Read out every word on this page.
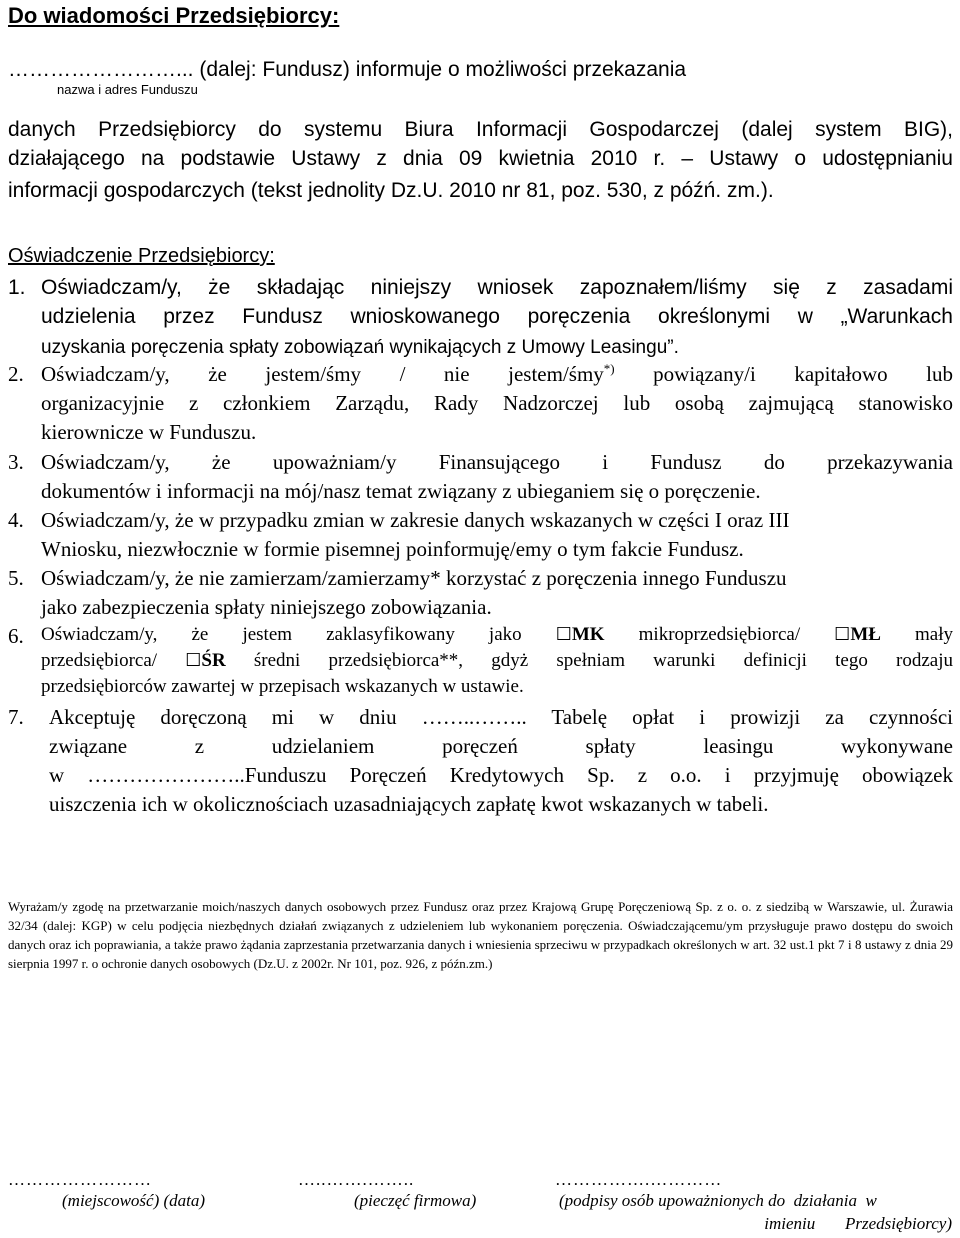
Do wiadomości Przedsiębiorcy:
……………………... (dalej: Fundusz) informuje o możliwości przekazania
nazwa i adres Funduszu
danych Przedsiębiorcy do systemu Biura Informacji Gospodarczej (dalej system BIG),
działającego na podstawie Ustawy z dnia 09 kwietnia 2010 r. – Ustawy o udostępnianiu
informacji gospodarczych (tekst jednolity Dz.U. 2010 nr 81, poz. 530, z późń. zm.).
Oświadczenie Przedsiębiorcy:
1. Oświadczam/y, że składając niniejszy wniosek zapoznałem/liśmy się z zasadami
udzielenia przez Fundusz wnioskowanego poręczenia określonymi w „Warunkach
uzyskania poręczenia spłaty zobowiązań wynikających z Umowy Leasingu”.
2. Oświadczam/y, że jestem/śmy / nie jestem/śmy*) powiązany/i kapitałowo lub
organizacyjnie z członkiem Zarządu, Rady Nadzorczej lub osobą zajmującą stanowisko
kierownicze w Funduszu.
3. Oświadczam/y, że upoważniam/y Finansującego i Fundusz do przekazywania
dokumentów i informacji na mój/nasz temat związany z ubieganiem się o poręczenie.
4. Oświadczam/y, że w przypadku zmian w zakresie danych wskazanych w części I oraz III
Wniosku, niezwłocznie w formie pisemnej poinformuję/emy o tym fakcie Fundusz.
5. Oświadczam/y, że nie zamierzam/zamierzamy* korzystać z poręczenia innego Funduszu
jako zabezpieczenia spłaty niniejszego zobowiązania.
6. Oświadczam/y, że jestem zaklasyfikowany jako ☐MK mikroprzedsiębiorca/ ☐MŁ mały
przedsiębiorca/ ☐ŚR średni przedsiębiorca**, gdyż spełniam warunki definicji tego rodzaju
przedsiębiorców zawartej w przepisach wskazanych w ustawie.
7. Akceptuję doręczoną mi w dniu ……..…….. Tabelę opłat i prowizji za czynności
związane z udzielaniem poręczeń spłaty leasingu wykonywane
w …………………..Funduszu Poręczeń Kredytowych Sp. z o.o. i przyjmuję obowiązek
uiszczenia ich w okolicznościach uzasadniających zapłatę kwot wskazanych w tabeli.
Wyrażam/y zgodę na przetwarzanie moich/naszych danych osobowych przez Fundusz oraz przez Krajową Grupę Poręczeniową Sp. z o. o. z siedzibą w Warszawie, ul. Żurawia 32/34 (dalej: KGP) w celu podjęcia niezbędnych działań związanych z udzieleniem lub wykonaniem poręczenia. Oświadczającemu/ym przysługuje prawo dostępu do swoich danych oraz ich poprawiania, a także prawo żądania zaprzestania przetwarzania danych i wniesienia sprzeciwu w przypadkach określonych w art. 32 ust.1 pkt 7 i 8 ustawy z dnia 29 sierpnia 1997 r. o ochronie danych osobowych (Dz.U. z 2002r. Nr 101, poz. 926, z późn.zm.)
……………………	…..…….……..	…………….…………
(miejscowość) (data)	(pieczęć firmowa)	(podpisy osób upoważnionych do  działania  w
imieniu       Przedsiębiorcy)
